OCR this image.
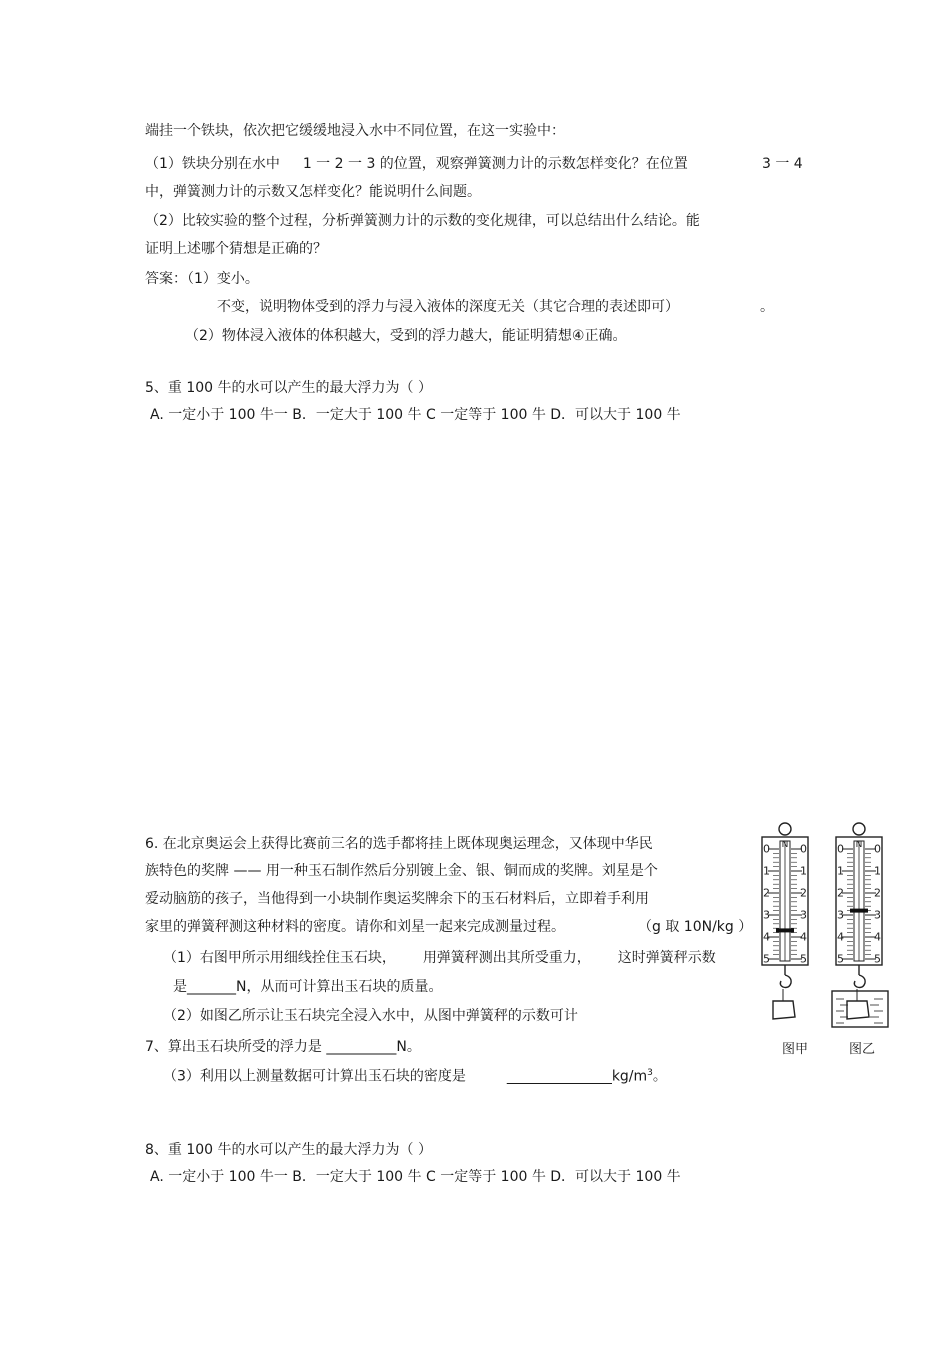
端挂一个铁块，依次把它缓缓地浸入水中不同位置，在这一实验中：
（1）铁块分别在水中 1 一 2 一 3 的位置，观察弹簧测力计的示数怎样变化？在位置	3 一 4
中，弹簧测力计的示数又怎样变化？能说明什么间题。
（2）比较实验的整个过程，分析弹簧测力计的示数的变化规律，可以总结出什么结论。能
证明上述哪个猜想是正确的？
答案：（1）变小。
不变，说明物体受到的浮力与浸入液体的深度无关（其它合理的表述即可）	。
（2）物体浸入液体的体积越大，受到的浮力越大，能证明猜想④正确。
5、重 100 牛的水可以产生的最大浮力为（ ）
A. 一定小于 100 牛一 B．一定大于 100 牛 C 一定等于 100 牛 D．可以大于 100 牛
6. 在北京奥运会上获得比赛前三名的选手都将挂上既体现奥运理念，又体现中华民
族特色的奖牌 —— 用一种玉石制作然后分别镀上金、银、铜而成的奖牌。刘星是个
爱动脑筋的孩子，当他得到一小块制作奥运奖牌余下的玉石材料后，立即着手利用
家里的弹簧秤测这种材料的密度。请你和刘星一起来完成测量过程。	（g 取 10N/kg ）
（1）右图甲所示用细线拴住玉石块， 用弹簧秤测出其所受重力， 这时弹簧秤示数
是_______N，从而可计算出玉石块的质量。
（2）如图乙所示让玉石块完全浸入水中，从图中弹簧秤的示数可计
7、算出玉石块所受的浮力是 __________N。
（3）利用以上测量数据可计算出玉石块的密度是	$\_\_\_\_\_\_\_\_\_\_\_\_\_\_\_kg/m^3$。
N
0	0
1	1
2	2
3	3
4	4
5	5
N
0	0
1	1
2	2
3	3
4	4
5	5
图甲	图乙
8、重 100 牛的水可以产生的最大浮力为（ ）
A. 一定小于 100 牛一 B．一定大于 100 牛 C 一定等于 100 牛 D．可以大于 100 牛
